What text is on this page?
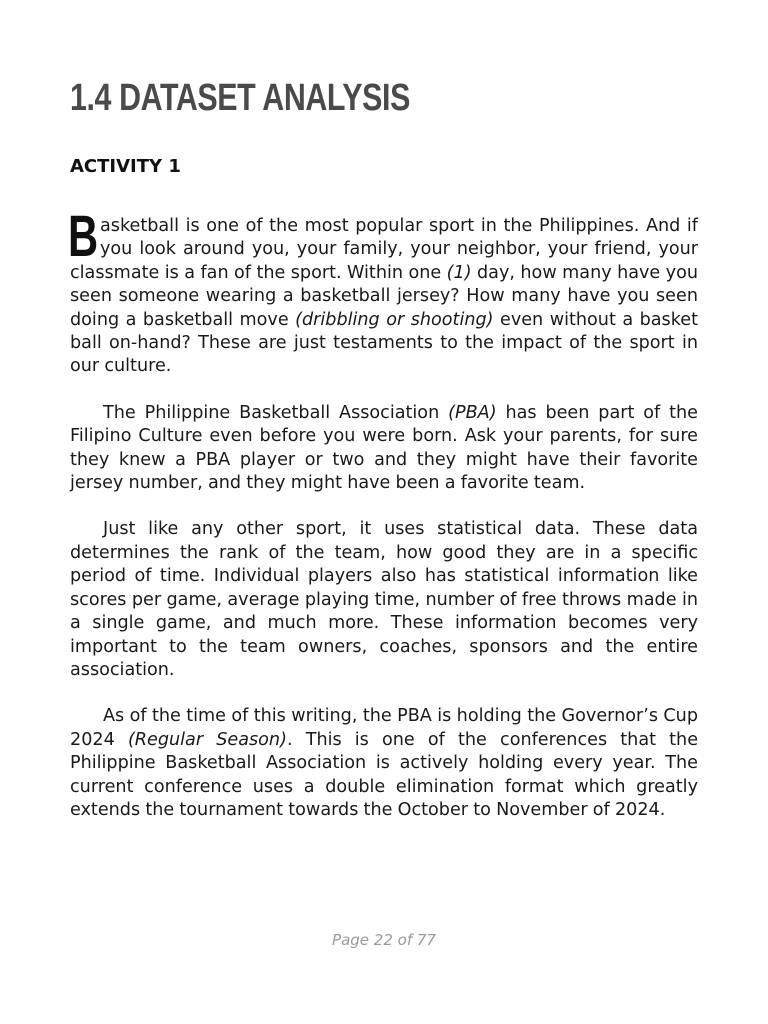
1.4 DATASET ANALYSIS
ACTIVITY 1

Basketball is one of the most popular sport in the Philippines. And if you look around you, your family, your neighbor, your friend, your classmate is a fan of the sport. Within one (1) day, how many have you seen someone wearing a basketball jersey? How many have you seen doing a basketball move (dribbling or shooting) even without a basket ball on-hand? These are just testaments to the impact of the sport in our culture.

The Philippine Basketball Association (PBA) has been part of the Filipino Culture even before you were born. Ask your parents, for sure they knew a PBA player or two and they might have their favorite jersey number, and they might have been a favorite team.

Just like any other sport, it uses statistical data. These data determines the rank of the team, how good they are in a specific period of time. Individual players also has statistical information like scores per game, average playing time, number of free throws made in a single game, and much more. These information becomes very important to the team owners, coaches, sponsors and the entire association.

As of the time of this writing, the PBA is holding the Governor’s Cup 2024 (Regular Season). This is one of the conferences that the Philippine Basketball Association is actively holding every year. The current conference uses a double elimination format which greatly extends the tournament towards the October to November of 2024.

Page 22 of 77
